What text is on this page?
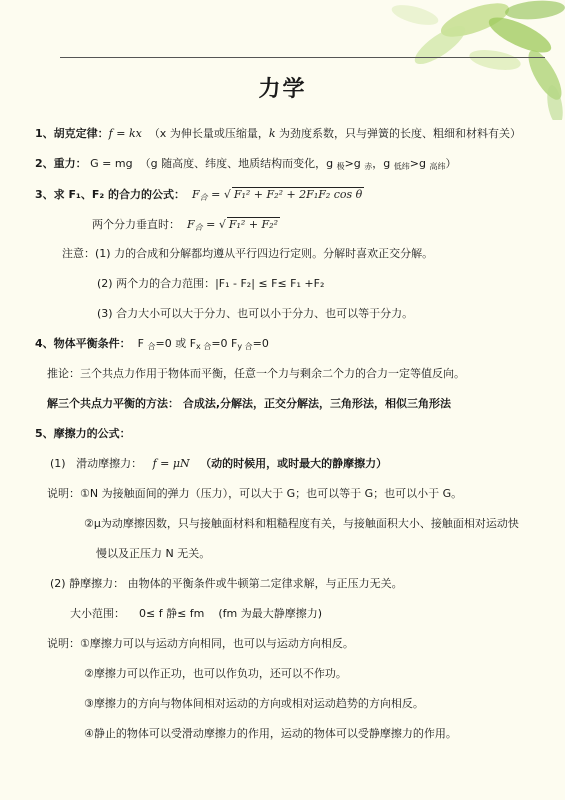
力学
1、胡克定律：f = kx （x 为伸长量或压缩量，k 为劲度系数，只与弹簧的长度、粗细和材料有关）
2、重力： G = mg （g 随高度、纬度、地质结构而变化，g $_极$>g $_赤$，g $_{低纬}$>g $_{高纬}$）
3、求 F₁、F₂ 的合力的公式： $F_合$ = √ F₁² + F₂² + 2F₁F₂ cos θ
两个分力垂直时： $F_合$ = √ F₁² + F₂²
注意：(1) 力的合成和分解都均遵从平行四边行定则。分解时喜欢正交分解。
(2) 两个力的合力范围：|F₁ - F₂| ≤ F≤ F₁ +F₂
(3) 合力大小可以大于分力、也可以小于分力、也可以等于分力。
4、物体平衡条件： F $_合$=0 或 $F_{x 合}=0$ $F_{y 合}=0$
推论：三个共点力作用于物体而平衡，任意一个力与剩余二个力的合力一定等值反向。
解三个共点力平衡的方法： 合成法,分解法，正交分解法，三角形法，相似三角形法
5、摩擦力的公式：
(1) 滑动摩擦力： f = μN （动的时候用，或时最大的静摩擦力）
说明：①N 为接触面间的弹力（压力），可以大于 G；也可以等于 G；也可以小于 G。
②μ为动摩擦因数，只与接触面材料和粗糙程度有关，与接触面积大小、接触面相对运动快
慢以及正压力 N 无关。
(2) 静摩擦力： 由物体的平衡条件或牛顿第二定律求解，与正压力无关。
大小范围： 0≤ f 静≤ fm (fm 为最大静摩擦力)
说明：①摩擦力可以与运动方向相同，也可以与运动方向相反。
②摩擦力可以作正功，也可以作负功，还可以不作功。
③摩擦力的方向与物体间相对运动的方向或相对运动趋势的方向相反。
④静止的物体可以受滑动摩擦力的作用，运动的物体可以受静摩擦力的作用。
